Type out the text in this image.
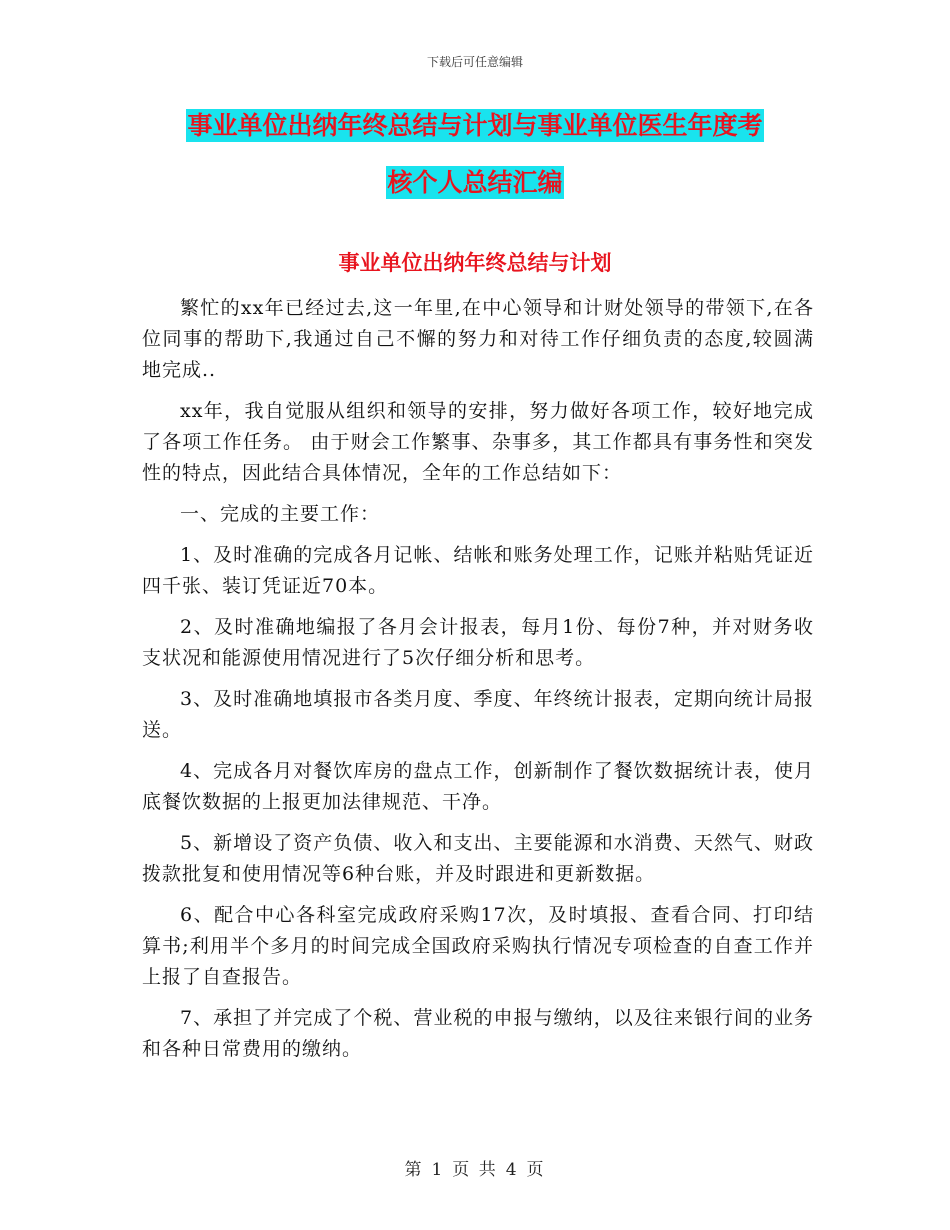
下载后可任意编辑
事业单位出纳年终总结与计划与事业单位医生年度考
核个人总结汇编
事业单位出纳年终总结与计划

繁忙的xx年已经过去,这一年里,在中心领导和计财处领导的带领下,在各位同事的帮助下,我通过自己不懈的努力和对待工作仔细负责的态度,较圆满地完成..

xx年，我自觉服从组织和领导的安排，努力做好各项工作，较好地完成了各项工作任务。 由于财会工作繁事、杂事多，其工作都具有事务性和突发性的特点，因此结合具体情况，全年的工作总结如下：

一、完成的主要工作：

1、及时准确的完成各月记帐、结帐和账务处理工作，记账并粘贴凭证近四千张、装订凭证近70本。

2、及时准确地编报了各月会计报表，每月1份、每份7种，并对财务收支状况和能源使用情况进行了5次仔细分析和思考。

3、及时准确地填报市各类月度、季度、年终统计报表，定期向统计局报送。

4、完成各月对餐饮库房的盘点工作，创新制作了餐饮数据统计表，使月底餐饮数据的上报更加法律规范、干净。

5、新增设了资产负债、收入和支出、主要能源和水消费、天然气、财政拨款批复和使用情况等6种台账，并及时跟进和更新数据。

6、配合中心各科室完成政府采购17次，及时填报、查看合同、打印结算书;利用半个多月的时间完成全国政府采购执行情况专项检查的自查工作并上报了自查报告。

7、承担了并完成了个税、营业税的申报与缴纳，以及往来银行间的业务和各种日常费用的缴纳。

第 1 页 共 4 页
